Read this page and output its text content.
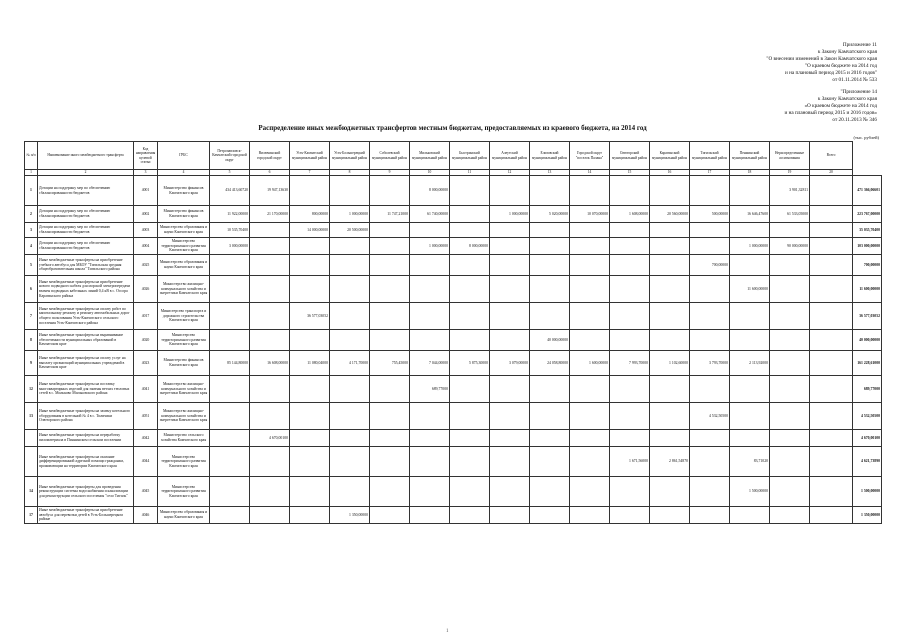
Приложение 11
к Закону Камчатского края
"О внесении изменений в Закон Камчатского края
"О краевом бюджете на 2014 год
и на плановый период 2015 и 2016 годов"
от 01.11.2014 № 533
"Приложение 14
к Закону Камчатского края
«О краевом бюджете на 2014 год
и на плановый период 2015 и 2016 годов»
от 20.11.2013 № 346
Распределение иных межбюджетных трансфертов местным бюджетам, предоставляемых из краевого бюджета, на 2014 год
(тыс. рублей)
№ п/п	Наименование иного межбюджетного трансферта	Код направления целевой статьи	ГРБС	Петропавловск-Камчатский городской округ	Вилючинский городской округ	Усть-Камчатский муниципальный район	Усть-Большерецкий муниципальный район	Соболевский муниципальный район	Мильковский муниципальный район	Быстринский муниципальный район	Алеутский муниципальный район	Елизовский муниципальный район	Городской округ "поселок Палана"	Олюторский муниципальный район	Карагинский муниципальный район	Тигильский муниципальный район	Пенжинский муниципальный район	Нераспределенные ассигнования	Всего	
1	2	3	4	5	6	7	8	9	10	11	12	13	14	15	16	17	18	19	20	
1	Дотации на поддержку мер по обеспечению сбалансированности бюджетов	4001	Министерство финансов Камчатского края	434 413,60720	19 947,13630				8 000,00000									3 901,32811		471 366,06601
2	Дотации на поддержку мер по обеспечению сбалансированности бюджетов	4002	Министерство финансов Камчатского края	11 922,00000	21 170,00000	800,00000	1 000,00000	11 747,21000	61 740,00000		1 000,00000	5 020,00000	10 070,00000	1 608,00000	20 560,00000	500,00000	16 646,47600	61 533,05000		223 767,00000
3	Дотации на поддержку мер по обеспечению сбалансированности бюджетов	4003	Министерство образования и науки Камчатского края	10 535,70400		14 000,00000	20 500,00000													35 035,70400
4	Дотации на поддержку мер по обеспечению сбалансированности бюджетов	4004	Министерство территориального развития Камчатского края	3 000,00000					1 000,00000	8 000,00000							1 000,00000	90 000,00000		103 000,00000
5	Иные межбюджетные трансферты на приобретение учебного автобуса для МБОУ "Тигильская средняя общеобразовательная школа" Тигильского района	4025	Министерство образования и науки Камчатского края													700,00000				700,00000
6	Иные межбюджетные трансферты на приобретение нового подводного кабеля для морской электропередачи взамен подводных кабельных линий 0,4 кВ в с. Оссора Карагинского района	4026	Министерство жилищно-коммунального хозяйства и энергетики Камчатского края														11 600,00000			11 600,00000
7	Иные межбюджетные трансферты на оплату работ по капитальному ремонту и ремонту автомобильных дорог общего пользования Усть-Камчатского сельского поселения Усть-Камчатского района	4017	Министерство транспорта и дорожного строительства Камчатского края			36 577,03052														36 577,03052
8	Иные межбюджетные трансферты на выравнивание обеспеченности муниципальных образований в Камчатском крае	4020	Министерство территориального развития Камчатского края									40 000,00000								40 000,00000
9	Иные межбюджетные трансферты на оплату услуг на выплату организаций муниципальных учреждений в Камчатском крае	4023	Министерство финансов Камчатского края	85 144,80000	16 608,00000	11 080,04000	4 171,70000	755,45000	7 044,00000	5 875,30000	3 079,00000	24 058,80000	1 600,00000	7 993,70000	1 102,60000	3 793,70000	2 113,92000			161 228,61000
12	Иные межбюджетные трансферты на поставку многоквартирных изделий для замены ветхих тепловых сетей в с. Мильково Мильковского района	4041	Министерство жилищно-коммунального хозяйства и энергетики Камчатского края						689,77000											689,77000
13	Иные межбюджетные трансферты на замену котельного оборудования в котельной № 4 в с. Тиличики Олюторского района	4051	Министерство жилищно-коммунального хозяйства и энергетики Камчатского края													4 532,50500				4 532,50500
	Иные межбюджетные трансферты на переработку пиломатериала в Пиннинском сельском поселении	4042	Министерство сельского хозяйства Камчатского края		4 670,00100															4 670,00100
	Иные межбюджетные трансферты на оказание дифференцированной адресной помощи гражданам, проживающим на территории Камчатского края	4044	Министерство территориального развития Камчатского края											1 671,56000	2 861,54870		83,71020			4 621,73890
14	Иные межбюджетные трансферты для проведения реконструкции системы водоснабжения и канализации для реконструкции сельского поселения "село Тигиль"	4045	Министерство территориального развития Камчатского края														1 500,00000			1 500,00000
17	Иные межбюджетные трансферты на приобретение автобуса для перевозки детей в Усть-Большерецком районе	4046	Министерство образования и науки Камчатского края				1 350,00000													1 350,00000
1
